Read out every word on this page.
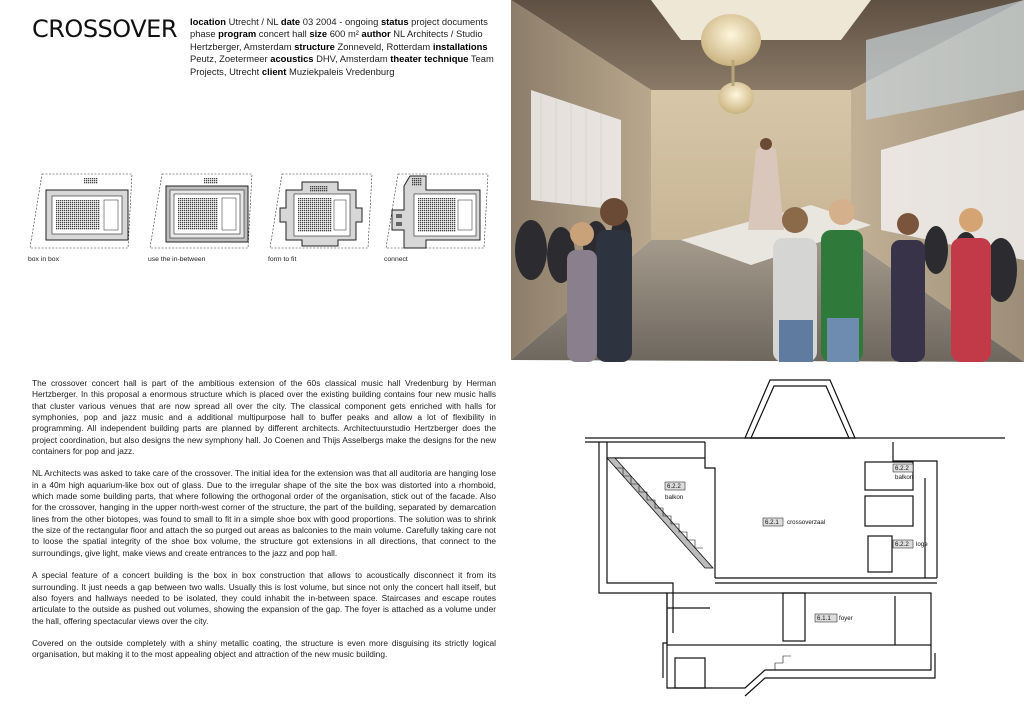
CROSSOVER location Utrecht / NL date 03 2004 - ongoing status project documents phase program concert hall size 600 m² author NL Architects / Studio Hertzberger, Amsterdam structure Zonneveld, Rotterdam installations Peutz, Zoetermeer acoustics DHV, Amsterdam theater technique Team Projects, Utrecht client Muziekpaleis Vredenburg
box in box	use the in-between	form to fit	connect

The crossover concert hall is part of the ambitious extension of the 60s classical music hall Vredenburg by Herman Hertzberger. In this proposal a enormous structure which is placed over the existing building contains four new music halls that cluster various venues that are now spread all over the city. The classical component gets enriched with halls for symphonies, pop and jazz music and a additional multipurpose hall to buffer peaks and allow a lot of flexibility in programming. All independent building parts are planned by different architects. Architectuurstudio Hertzberger does the project coordination, but also designs the new symphony hall. Jo Coenen and Thijs Asselbergs make the designs for the new containers for pop and jazz.

NL Architects was asked to take care of the crossover. The initial idea for the extension was that all auditoria are hanging lose in a 40m high aquarium-like box out of glass. Due to the irregular shape of the site the box was distorted into a rhomboid, which made some building parts, that where following the orthogonal order of the organisation, stick out of the facade. Also for the crossover, hanging in the upper north-west corner of the structure, the part of the building, separated by demarcation lines from the other biotopes, was found to small to fit in a simple shoe box with good proportions. The solution was to shrink the size of the rectangular floor and attach the so purged out areas as balconies to the main volume. Carefully taking care not to loose the spatial integrity of the shoe box volume, the structure got extensions in all directions, that connect to the surroundings, give light, make views and create entrances to the jazz and pop hall.

A special feature of a concert building is the box in box construction that allows to acoustically disconnect it from its surrounding. It just needs a gap between two walls. Usually this is lost volume, but since not only the concert hall itself, but also foyers and hallways needed to be isolated, they could inhabit the in-between space. Staircases and escape routes articulate to the outside as pushed out volumes, showing the expansion of the gap. The foyer is attached as a volume under the hall, offering spectacular views over the city.

Covered on the outside completely with a shiny metallic coating, the structure is even more disguising its strictly logical organisation, but making it to the most appealing object and attraction of the new music building.

6.2.2
balkon
6.2.1 crossoverzaal
6.2.2
balkon
6.2.2 loge
6.1.1 foyer
